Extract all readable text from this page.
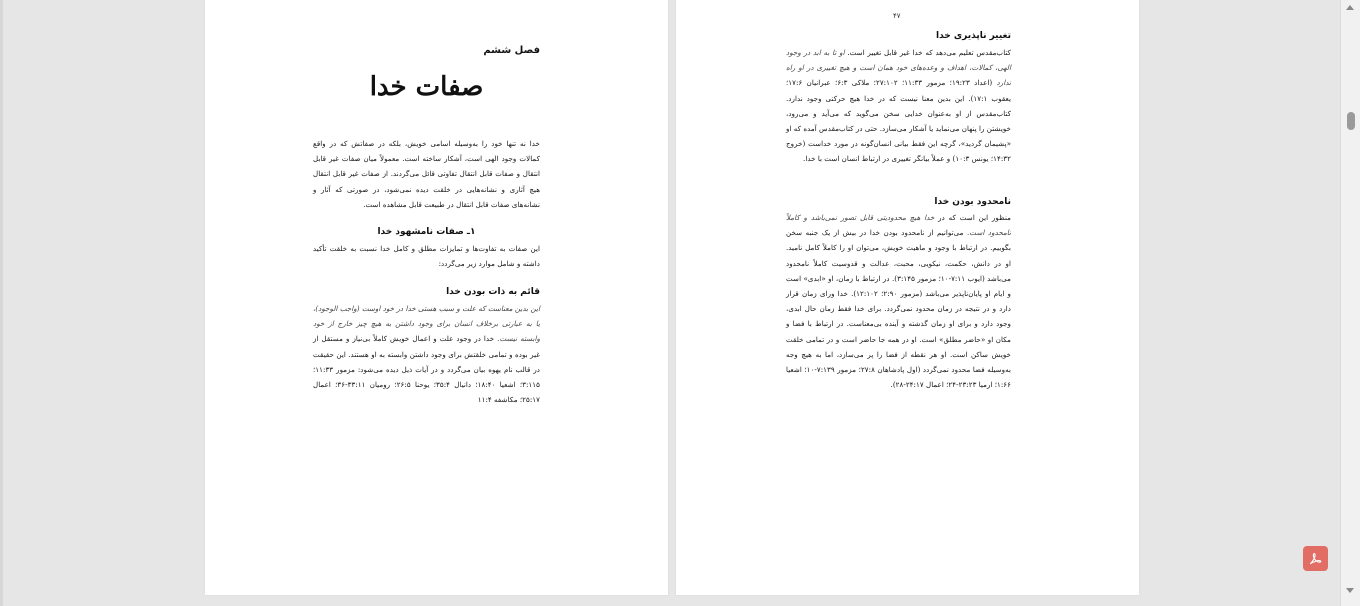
فصل ششم

صفات خدا

خدا نه تنها خود را به‌وسیله اسامی خویش، بلکه در صفاتش که در واقع کمالات وجود الهی است، آشکار ساخته است. معمولاً میان صفات غیر قابل انتقال و صفات قابل انتقال تفاوتی قائل می‌گردند. از صفات غیر قابل انتقال هیچ آثاری و نشانه‌هایی در خلقت دیده نمی‌شود، در صورتی که آثار و نشانه‌های صفات قابل انتقال در طبیعت قابل مشاهده است.

۱ـ صفات نامشهود خدا

این صفات به تفاوت‌ها و تمایزات مطلق و کامل خدا نسبت به خلقت تأکید داشته و شامل موارد زیر می‌گردد:

قائم به ذات بودن خدا

این بدین معناست که علت و سبب هستی خدا در خود اوست (واجب الوجود)، یا به عبارتی برخلاف انسان برای وجود داشتن به هیچ چیز خارج از خود وابسته نیست. خدا در وجود علت و اعمال خویش کاملاً بی‌نیاز و مستقل از غیر بوده و تمامی خلقتش برای وجود داشتن وابسته به او هستند. این حقیقت در قالب نام یهوه بیان می‌گردد و در آیات ذیل دیده می‌شود: مزمور ۱۱:۳۳؛ ۳:۱۱۵؛ اشعیا ۱۸:۴۰؛ دانیال ۳۵:۴؛ یوحنا ۲۶:۵؛ رومیان ۳۳:۱۱-۳۶؛ اعمال ۲۵:۱۷؛ مکاشفه ۱۱:۴

۴۷

تغییر ناپذیری خدا

کتاب‌مقدس تعلیم می‌دهد که خدا غیر قابل تغییر است. او تا به ابد در وجود الهی، کمالات، اهداف و وعده‌های خود همان است و هیچ تغییری در او راه ندارد (اعداد ۱۹:۲۳؛ مزمور ۱۱:۳۳؛ ۲۷:۱۰۲؛ ملاکی ۶:۳؛ عبرانیان ۱۷:۶؛ یعقوب ۱۷:۱). این بدین معنا نیست که در خدا هیچ حرکتی وجود ندارد. کتاب‌مقدس از او به‌عنوان خدایی سخن می‌گوید که می‌آید و می‌رود، خویشتن را پنهان می‌نماید یا آشکار می‌سازد. حتی در کتاب‌مقدس آمده که او «پشیمان گردید»، گرچه این فقط بیانی انسان‌گونه در مورد خداست (خروج ۱۴:۳۲؛ یونس ۱۰:۳) و عملاً بیانگر تغییری در ارتباط انسان است با خدا.

نامحدود بودن خدا

منظور این است که در خدا هیچ محدودیتی قابل تصور نمی‌باشد و کاملاً نامحدود است. می‌توانیم از نامحدود بودن خدا در بیش از یک جنبه سخن بگوییم. در ارتباط با وجود و ماهیت خویش، می‌توان او را کاملاً کامل نامید. او در دانش، حکمت، نیکویی، محبت، عدالت و قدوسیت کاملاً نامحدود می‌باشد (ایوب ۷:۱۱-۱۰؛ مزمور ۳:۱۴۵). در ارتباط با زمان، او «ابدی» است و ایام او پایان‌ناپذیر می‌باشد (مزمور ۲:۹۰؛ ۱۲:۱۰۲). خدا ورای زمان قرار دارد و در نتیجه در زمان محدود نمی‌گردد. برای خدا فقط زمان حال ابدی، وجود دارد و برای او زمان گذشته و آینده بی‌معناست. در ارتباط با فضا و مکان او «حاضر مطلق» است. او در همه جا حاضر است و در تمامی خلقت خویش ساکن است. او هر نقطه از فضا را پر می‌سازد، اما به هیچ وجه به‌وسیله فضا محدود نمی‌گردد (اول پادشاهان ۲۷:۸؛ مزمور ۷:۱۳۹-۱۰؛ اشعیا ۱:۶۶؛ ارمیا ۲۳:۲۳-۲۴؛ اعمال ۲۴:۱۷-۲۸).
